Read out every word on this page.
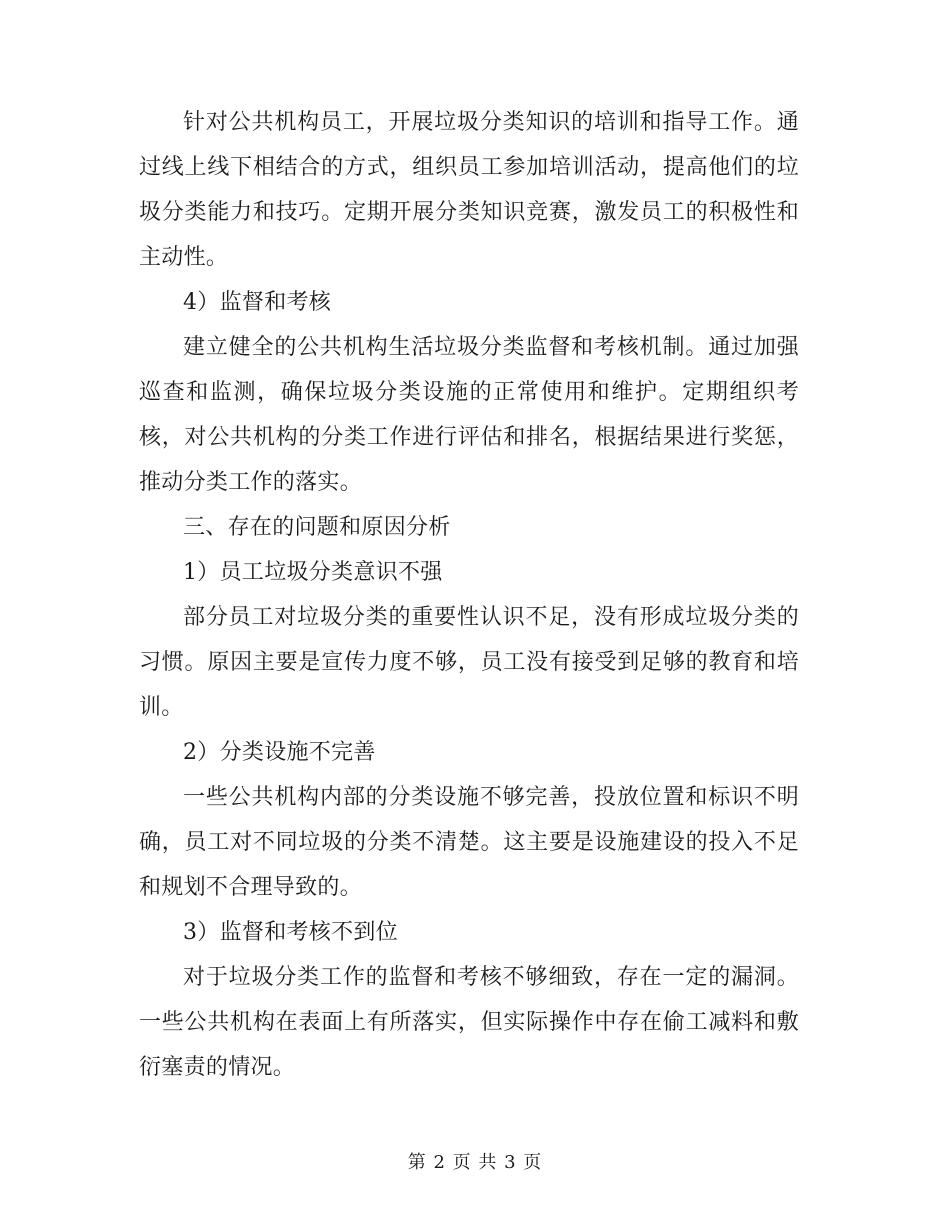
针对公共机构员工，开展垃圾分类知识的培训和指导工作。通过线上线下相结合的方式，组织员工参加培训活动，提高他们的垃圾分类能力和技巧。定期开展分类知识竞赛，激发员工的积极性和主动性。

4）监督和考核

建立健全的公共机构生活垃圾分类监督和考核机制。通过加强巡查和监测，确保垃圾分类设施的正常使用和维护。定期组织考核，对公共机构的分类工作进行评估和排名，根据结果进行奖惩，推动分类工作的落实。

三、存在的问题和原因分析

1）员工垃圾分类意识不强

部分员工对垃圾分类的重要性认识不足，没有形成垃圾分类的习惯。原因主要是宣传力度不够，员工没有接受到足够的教育和培训。

2）分类设施不完善

一些公共机构内部的分类设施不够完善，投放位置和标识不明确，员工对不同垃圾的分类不清楚。这主要是设施建设的投入不足和规划不合理导致的。

3）监督和考核不到位

对于垃圾分类工作的监督和考核不够细致，存在一定的漏洞。一些公共机构在表面上有所落实，但实际操作中存在偷工减料和敷衍塞责的情况。

第 2 页 共 3 页
